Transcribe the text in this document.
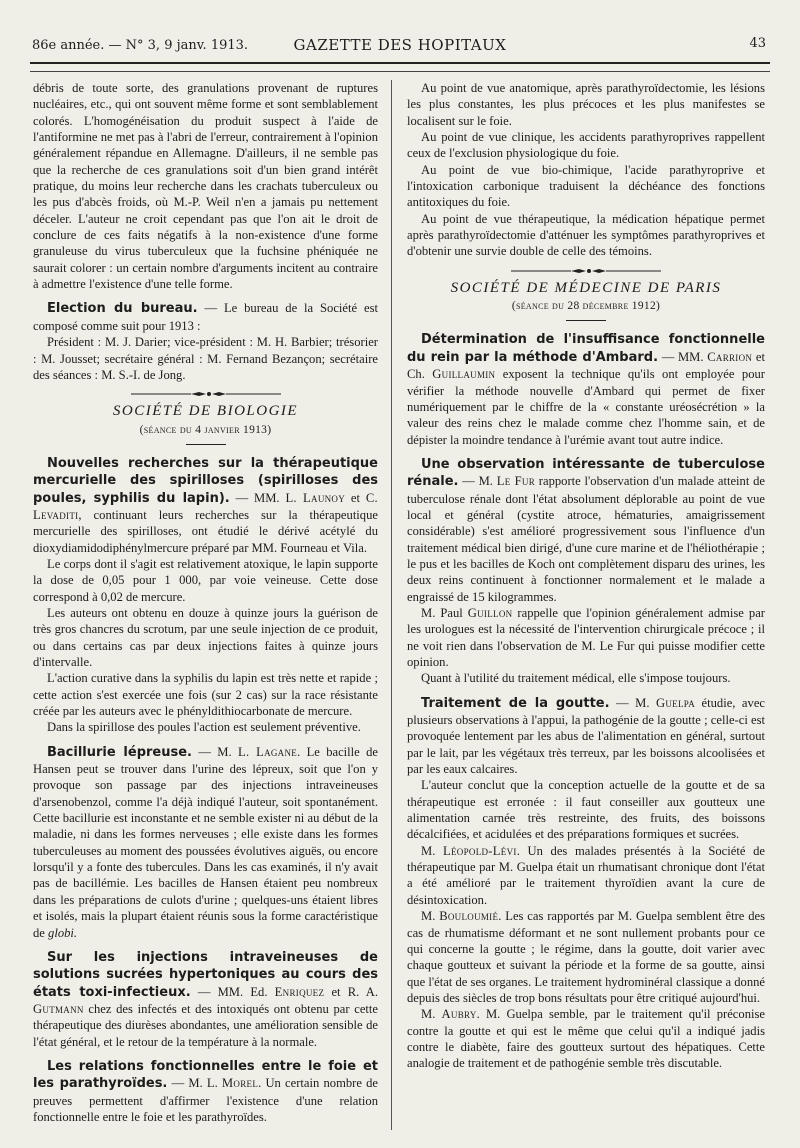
86e année. — N° 3, 9 janv. 1913.	GAZETTE DES HOPITAUX	43

débris de toute sorte, des granulations provenant de ruptures nucléaires, etc., qui ont souvent même forme et sont semblablement colorés. L'homogénéisation du produit suspect à l'aide de l'antiformine ne met pas à l'abri de l'erreur, contrairement à l'opinion généralement répandue en Allemagne. D'ailleurs, il ne semble pas que la recherche de ces granulations soit d'un bien grand intérêt pratique, du moins leur recherche dans les crachats tuberculeux ou les pus d'abcès froids, où M.-P. Weil n'en a jamais pu nettement déceler. L'auteur ne croit cependant pas que l'on ait le droit de conclure de ces faits négatifs à la non-existence d'une forme granuleuse du virus tuberculeux que la fuchsine phéniquée ne saurait colorer : un certain nombre d'arguments incitent au contraire à admettre l'existence d'une telle forme.

Election du bureau. — Le bureau de la Société est composé comme suit pour 1913 :

Président : M. J. Darier; vice-président : M. H. Barbier; trésorier : M. Jousset; secrétaire général : M. Fernand Bezançon; secrétaire des séances : M. S.-I. de Jong.

SOCIÉTÉ DE BIOLOGIE
(séance du 4 janvier 1913)

Nouvelles recherches sur la thérapeutique mercurielle des spirilloses (spirilloses des poules, syphilis du lapin). — MM. L. Launoy et C. Levaditi, continuant leurs recherches sur la thérapeutique mercurielle des spirilloses, ont étudié le dérivé acétylé du dioxydiamidodiphénylmercure préparé par MM. Fourneau et Vila.

Le corps dont il s'agit est relativement atoxique, le lapin supporte la dose de 0,05 pour 1 000, par voie veineuse. Cette dose correspond à 0,02 de mercure.

Les auteurs ont obtenu en douze à quinze jours la guérison de très gros chancres du scrotum, par une seule injection de ce produit, ou dans certains cas par deux injections faites à quinze jours d'intervalle.

L'action curative dans la syphilis du lapin est très nette et rapide ; cette action s'est exercée une fois (sur 2 cas) sur la race résistante créée par les auteurs avec le phényldithiocarbonate de mercure.

Dans la spirillose des poules l'action est seulement préventive.

Bacillurie lépreuse. — M. L. Lagane. Le bacille de Hansen peut se trouver dans l'urine des lépreux, soit que l'on y provoque son passage par des injections intraveineuses d'arsenobenzol, comme l'a déjà indiqué l'auteur, soit spontanément. Cette bacillurie est inconstante et ne semble exister ni au début de la maladie, ni dans les formes nerveuses ; elle existe dans les formes tuberculeuses au moment des poussées évolutives aiguës, ou encore lorsqu'il y a fonte des tubercules. Dans les cas examinés, il n'y avait pas de bacillémie. Les bacilles de Hansen étaient peu nombreux dans les préparations de culots d'urine ; quelques-uns étaient libres et isolés, mais la plupart étaient réunis sous la forme caractéristique de globi.

Sur les injections intraveineuses de solutions sucrées hypertoniques au cours des états toxi-infectieux. — MM. Ed. Enriquez et R. A. Gutmann chez des infectés et des intoxiqués ont obtenu par cette thérapeutique des diurèses abondantes, une amélioration sensible de l'état général, et le retour de la température à la normale.

Les relations fonctionnelles entre le foie et les parathyroïdes. — M. L. Morel. Un certain nombre de preuves permettent d'affirmer l'existence d'une relation fonctionnelle entre le foie et les parathyroïdes.

Au point de vue anatomique, après parathyroïdectomie, les lésions les plus constantes, les plus précoces et les plus manifestes se localisent sur le foie.

Au point de vue clinique, les accidents parathyroprives rappellent ceux de l'exclusion physiologique du foie.

Au point de vue bio-chimique, l'acide parathyroprive et l'intoxication carbonique traduisent la déchéance des fonctions antitoxiques du foie.

Au point de vue thérapeutique, la médication hépatique permet après parathyroïdectomie d'atténuer les symptômes parathyroprives et d'obtenir une survie double de celle des témoins.

SOCIÉTÉ DE MÉDECINE DE PARIS
(séance du 28 décembre 1912)

Détermination de l'insuffisance fonctionnelle du rein par la méthode d'Ambard. — MM. Carrion et Ch. Guillaumin exposent la technique qu'ils ont employée pour vérifier la méthode nouvelle d'Ambard qui permet de fixer numériquement par le chiffre de la « constante uréosécrétion » la valeur des reins chez le malade comme chez l'homme sain, et de dépister la moindre tendance à l'urémie avant tout autre indice.

Une observation intéressante de tuberculose rénale. — M. Le Fur rapporte l'observation d'un malade atteint de tuberculose rénale dont l'état absolument déplorable au point de vue local et général (cystite atroce, hématuries, amaigrissement considérable) s'est amélioré progressivement sous l'influence d'un traitement médical bien dirigé, d'une cure marine et de l'héliothérapie ; le pus et les bacilles de Koch ont complètement disparu des urines, les deux reins continuent à fonctionner normalement et le malade a engraissé de 15 kilogrammes.

M. Paul Guillon rappelle que l'opinion généralement admise par les urologues est la nécessité de l'intervention chirurgicale précoce ; il ne voit rien dans l'observation de M. Le Fur qui puisse modifier cette opinion.

Quant à l'utilité du traitement médical, elle s'impose toujours.

Traitement de la goutte. — M. Guelpa étudie, avec plusieurs observations à l'appui, la pathogénie de la goutte ; celle-ci est provoquée lentement par les abus de l'alimentation en général, surtout par le lait, par les végétaux très terreux, par les boissons alcoolisées et par les eaux calcaires.

L'auteur conclut que la conception actuelle de la goutte et de sa thérapeutique est erronée : il faut conseiller aux goutteux une alimentation carnée très restreinte, des fruits, des boissons décalcifiées, et acidulées et des préparations formiques et sucrées.

M. Léopold-Lévi. Un des malades présentés à la Société de thérapeutique par M. Guelpa était un rhumatisant chronique dont l'état a été amélioré par le traitement thyroïdien avant la cure de désintoxication.

M. Bouloumié. Les cas rapportés par M. Guelpa semblent être des cas de rhumatisme déformant et ne sont nullement probants pour ce qui concerne la goutte ; le régime, dans la goutte, doit varier avec chaque goutteux et suivant la période et la forme de sa goutte, ainsi que l'état de ses organes. Le traitement hydrominéral classique a donné depuis des siècles de trop bons résultats pour être critiqué aujourd'hui.

M. Aubry. M. Guelpa semble, par le traitement qu'il préconise contre la goutte et qui est le même que celui qu'il a indiqué jadis contre le diabète, faire des goutteux surtout des hépatiques. Cette analogie de traitement et de pathogénie semble très discutable.
